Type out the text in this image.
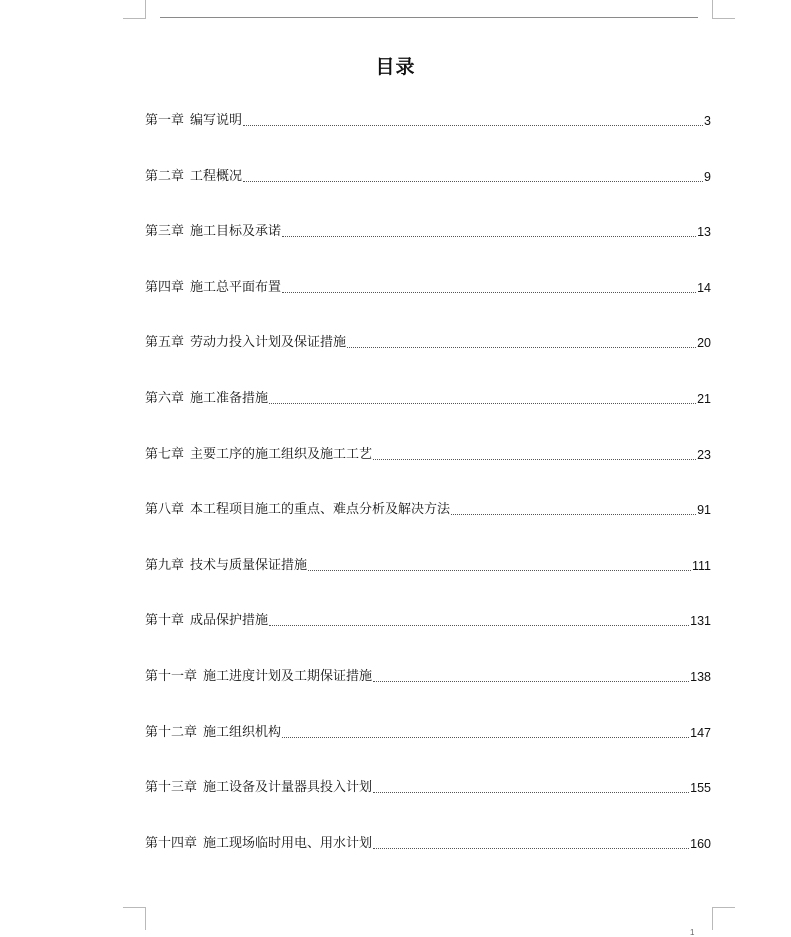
目录
第一章 编写说明	3
第二章 工程概况	9
第三章 施工目标及承诺	13
第四章 施工总平面布置	14
第五章 劳动力投入计划及保证措施	20
第六章 施工准备措施	21
第七章 主要工序的施工组织及施工工艺	23
第八章 本工程项目施工的重点、难点分析及解决方法	91
第九章 技术与质量保证措施	111
第十章 成品保护措施	131
第十一章 施工进度计划及工期保证措施	138
第十二章 施工组织机构	147
第十三章 施工设备及计量器具投入计划	155
第十四章 施工现场临时用电、用水计划	160
1
